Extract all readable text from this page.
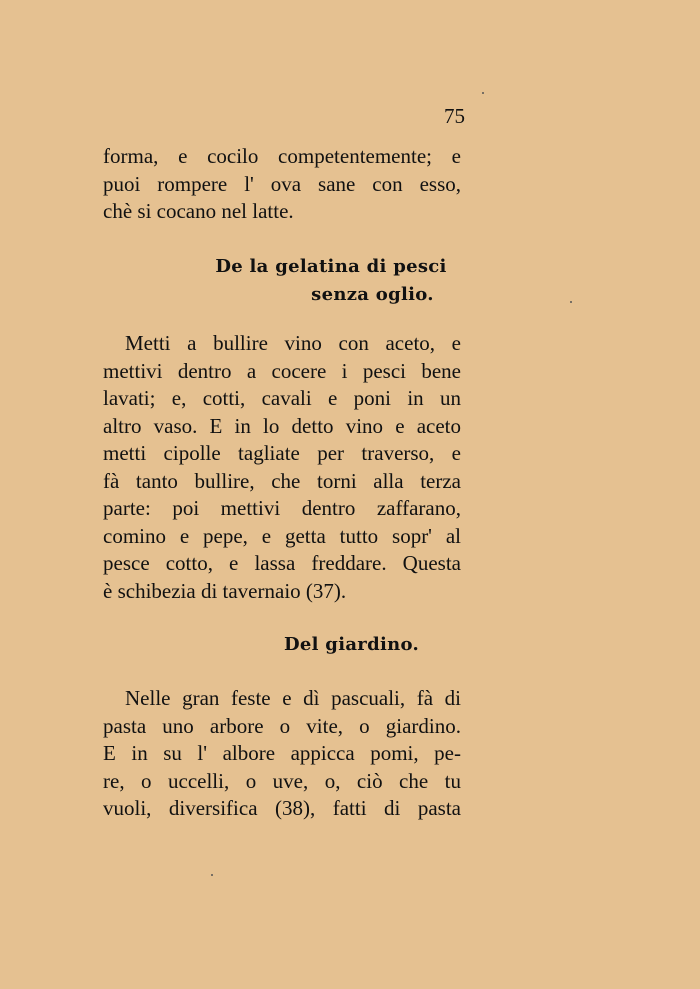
75
forma, e cocilo competentemente; e
puoi rompere l' ova sane con esso,
chè si cocano nel latte.
De la gelatina di pesci
senza oglio.
Metti a bullire vino con aceto, e
mettivi dentro a cocere i pesci bene
lavati; e, cotti, cavali e poni in un
altro vaso. E in lo detto vino e aceto
metti cipolle tagliate per traverso, e
fà tanto bullire, che torni alla terza
parte: poi mettivi dentro zaffarano,
comino e pepe, e getta tutto sopr' al
pesce cotto, e lassa freddare. Questa
è schibezia di tavernaio (37).
Del giardino.
Nelle gran feste e dì pascuali, fà di
pasta uno arbore o vite, o giardino.
E in su l' albore appicca pomi, pe-
re, o uccelli, o uve, o, ciò che tu
vuoli, diversifica (38), fatti di pasta
